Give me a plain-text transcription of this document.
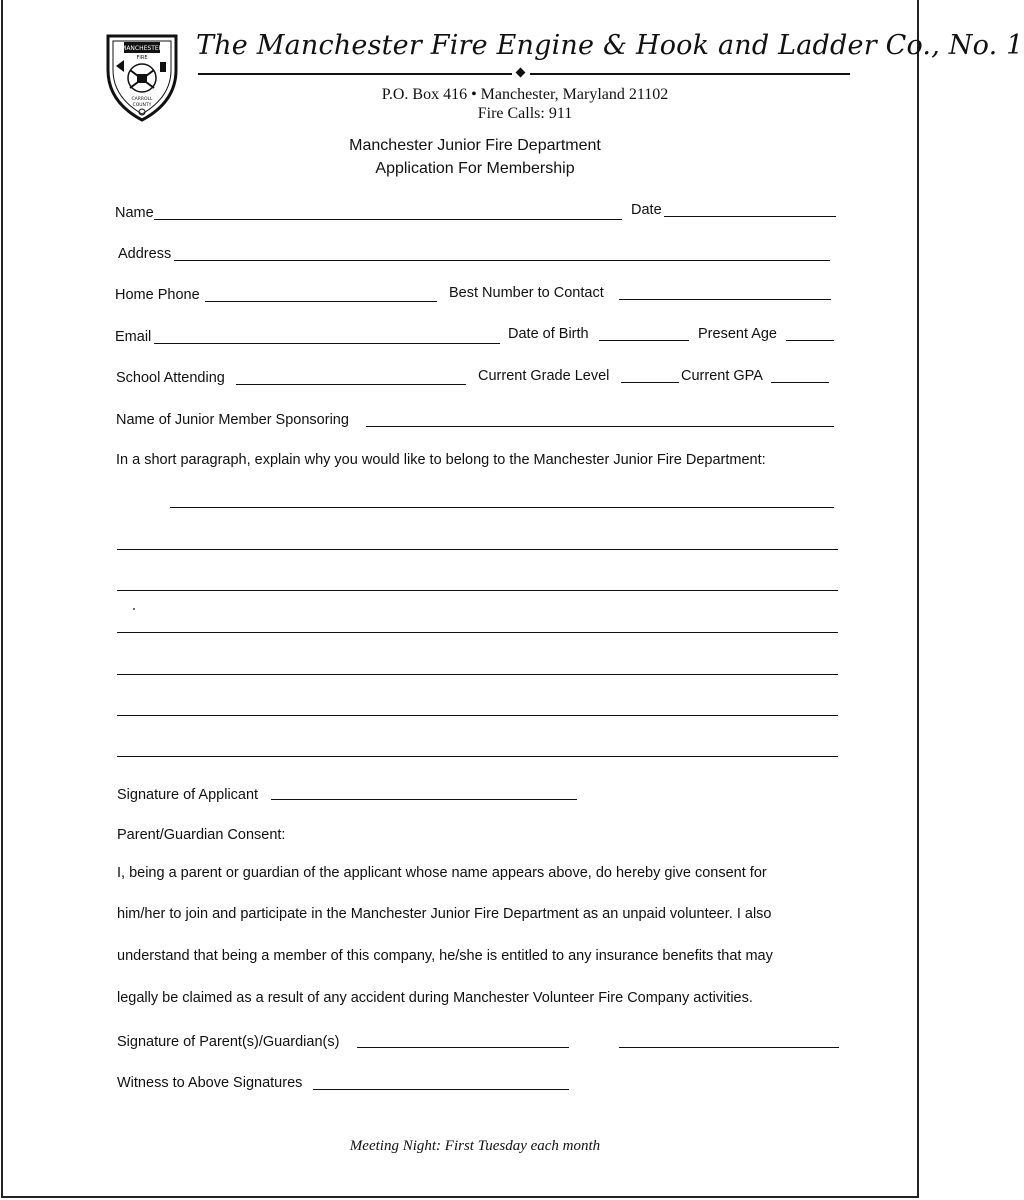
MANCHESTER
FIRE
CARROLL
COUNTY
The Manchester Fire Engine & Hook and Ladder Co., No. 1
P.O. Box 416 • Manchester, Maryland 21102
Fire Calls: 911
Manchester Junior Fire Department
Application For Membership
Name	Date
Address
Home Phone	Best Number to Contact
Email	Date of Birth	Present Age
School Attending	Current Grade Level	Current GPA
Name of Junior Member Sponsoring
In a short paragraph, explain why you would like to belong to the Manchester Junior Fire Department:
Signature of Applicant
Parent/Guardian Consent:
I, being a parent or guardian of the applicant whose name appears above, do hereby give consent for
him/her to join and participate in the Manchester Junior Fire Department as an unpaid volunteer. I also
understand that being a member of this company, he/she is entitled to any insurance benefits that may
legally be claimed as a result of any accident during Manchester Volunteer Fire Company activities.
Signature of Parent(s)/Guardian(s)
Witness to Above Signatures
Meeting Night: First Tuesday each month
